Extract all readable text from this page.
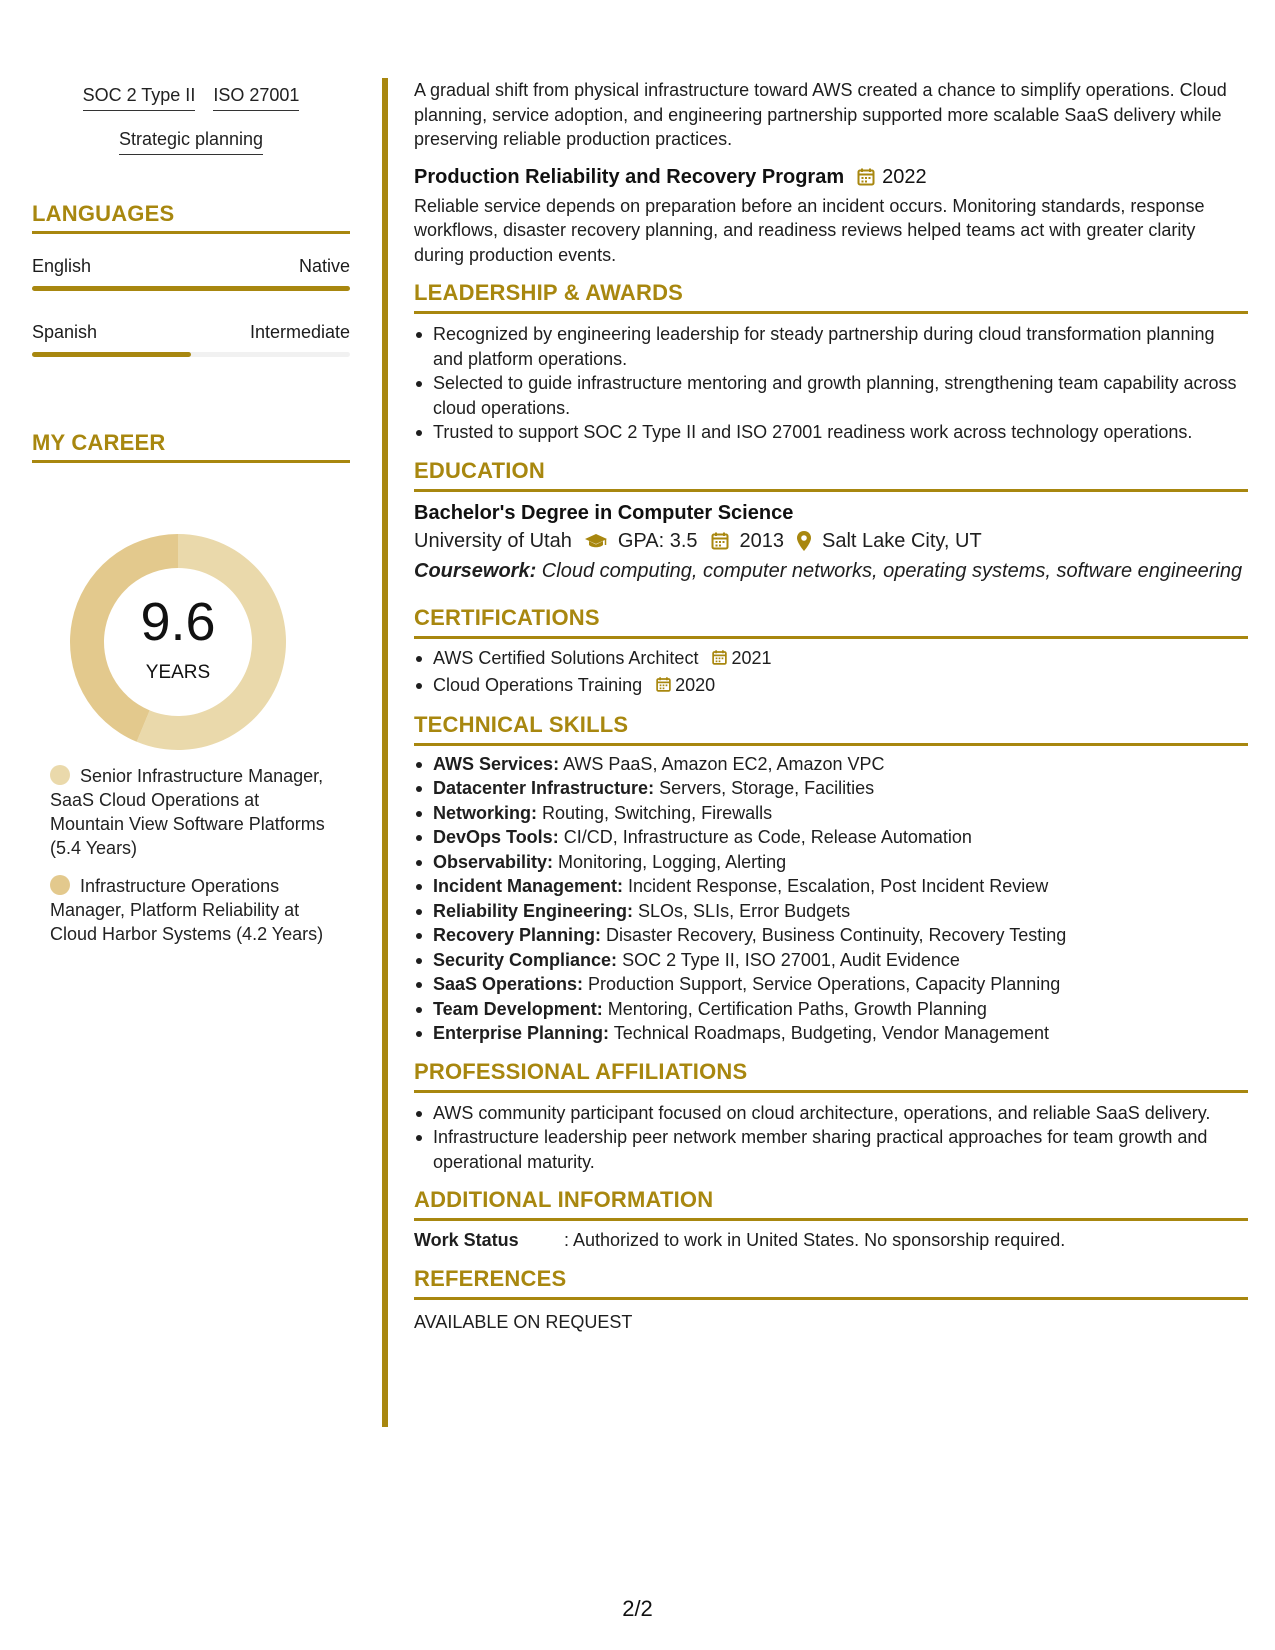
SOC 2 Type II ISO 27001
Strategic planning
LANGUAGES
English	Native
Spanish	Intermediate
MY CAREER
9.6
YEARS
Senior Infrastructure Manager, SaaS Cloud Operations at Mountain View Software Platforms (5.4 Years)
Infrastructure Operations Manager, Platform Reliability at Cloud Harbor Systems (4.2 Years)

A gradual shift from physical infrastructure toward AWS created a chance to simplify operations. Cloud planning, service adoption, and engineering partnership supported more scalable SaaS delivery while preserving reliable production practices.

Production Reliability and Recovery Program 2022

Reliable service depends on preparation before an incident occurs. Monitoring standards, response workflows, disaster recovery planning, and readiness reviews helped teams act with greater clarity during production events.

LEADERSHIP & AWARDS
Recognized by engineering leadership for steady partnership during cloud transformation planning and platform operations.
Selected to guide infrastructure mentoring and growth planning, strengthening team capability across cloud operations.
Trusted to support SOC 2 Type II and ISO 27001 readiness work across technology operations.
EDUCATION
Bachelor's Degree in Computer Science
University of Utah GPA: 3.5 2013 Salt Lake City, UT

Coursework: Cloud computing, computer networks, operating systems, software engineering

CERTIFICATIONS
AWS Certified Solutions Architect 2021
Cloud Operations Training 2020
TECHNICAL SKILLS
AWS Services: AWS PaaS, Amazon EC2, Amazon VPC
Datacenter Infrastructure: Servers, Storage, Facilities
Networking: Routing, Switching, Firewalls
DevOps Tools: CI/CD, Infrastructure as Code, Release Automation
Observability: Monitoring, Logging, Alerting
Incident Management: Incident Response, Escalation, Post Incident Review
Reliability Engineering: SLOs, SLIs, Error Budgets
Recovery Planning: Disaster Recovery, Business Continuity, Recovery Testing
Security Compliance: SOC 2 Type II, ISO 27001, Audit Evidence
SaaS Operations: Production Support, Service Operations, Capacity Planning
Team Development: Mentoring, Certification Paths, Growth Planning
Enterprise Planning: Technical Roadmaps, Budgeting, Vendor Management
PROFESSIONAL AFFILIATIONS
AWS community participant focused on cloud architecture, operations, and reliable SaaS delivery.
Infrastructure leadership peer network member sharing practical approaches for team growth and operational maturity.
ADDITIONAL INFORMATION
Work Status	: Authorized to work in United States. No sponsorship required.
REFERENCES
AVAILABLE ON REQUEST
2/2
